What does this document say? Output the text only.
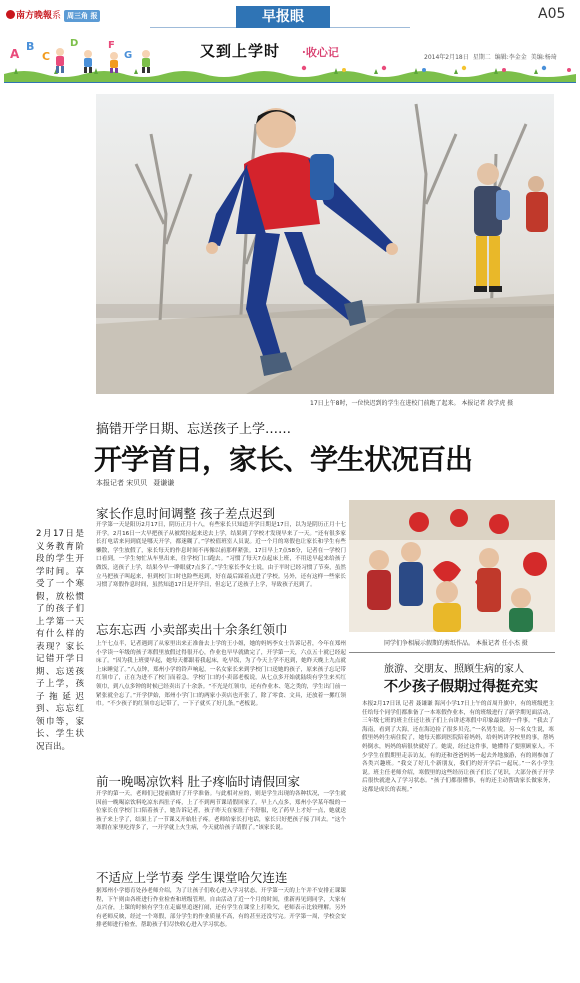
南方晚報系 周三角 报	早报眼	A05
A
B
C
D	F
G	又到上学时 ·收心记	2014年2月18日 星期二 编辑:李金金 美编:杨琦
17日上午8时，一位快迟到的学生在进校门前跑了起来。 本报记者 段学虎 摄
搞错开学日期、忘送孩子上学……
开学首日，家长、学生状况百出
本报记者 宋贝贝 聂谦谦
2月17日是义务教育阶段的学生开学时间。享受了一个寒假，放松惯了的孩子们上学第一天有什么样的表现？家长记错开学日期、忘送孩子上学，孩子拖延迟到、忘忘红领巾等，家长、学生状况百出。
家长作息时间调整 孩子差点迟到
开学第一天是阳历2月17日，阴历正月十八，有些家长只知道开学日期是17日，以为是阴历正月十七开学。2月16日一大早把孩子从被窝拉起来送去上学，结果到了学校才发现早来了一天。“还有很多家长打电话来问到底是哪天开学，都迷糊了。”学校值班室人员说。近一个月的寒假也让家长和学生有些懒散，学生放假了，家长每天的作息时间不再像以前那样紧张。17日早上7点58分，记者在一学校门口看到，一学生匆忙从车里出来，往学校门口跑去。“习惯了每天7点起床上班，不用送早起来给孩子做饭，送孩子上学，结果今早一睁眼就7点多了。”学生家长李女士说，由于平时已经习惯了节奏，虽然立马把孩子叫起来，但到校门口时也险些迟到，好在最后踩着点进了学校。另外，还有这样一些家长习惯了寒假作息时间，虽然知道17日是开学日，但忘记了送孩子上学，导致孩子迟到了。
忘东忘西 小卖部卖出十余条红领巾
上午七点半，记者遇到了从家里出来正准备去上学的王小姐，她的妈妈李女士告诉记者，今年在郑州小学读一年级的孩子寒假里放假过得很开心，作业也早早就做完了，开学第一天，六点五十就已经起床了。“因为我上班要早起，她每天都跟着我起床，吃早饭，为了今天上学不迟到，她昨天晚上九点就上床睡觉了。”八点钟，郑州小学的铃声响起，一名女家长来到学校门口送她的孩子，原来孩子忘记带红领巾了，正在为进不了校门而着急。学校门口的小卖部老板说，从七点多开始就陆续有学生来买红领巾，到八点多钟的时候已经卖出了十余条。“不光是红领巾，还有作业本、笔之类的，学生出门前一紧张就全忘了。”开学伊始，郑州小学门口的两家小卖店也开张了，除了零食、文具，还放着一摞红领巾。“不少孩子的红领巾忘记带了，一下子就买了好几条。”老板说。
前一晚喝凉饮料 肚子疼临时请假回家
开学的第一天，老师们已提前做好了开学准备。与此相对应的，则是学生出现的各种状况，一学生就因前一晚喝凉饮料吃凉东西肚子疼，上了不到两节课请假回家了。早上八点多，郑州小学某年级的一位家长在学校门口陪着孩子，她告诉记者，孩子昨天在家肚子不舒服，吃了药早上才好一点，她就送孩子来上学了，结果上了一节课又开始肚子疼。老师给家长打电话，家长只好把孩子接了回去。“这个寒假在家里吃得多了，一开学就上火生病，今天就给孩子请假了。”该家长说。
不适应上学节奏 学生课堂哈欠连连
据郑州小学德育处孙老师介绍，为了让孩子们收心进入学习状态，开学第一天的上午并不安排正课课程，下午则由各班进行作业检查和班级管理。自由活动了近一个月的时间，重新再见到同学，大家有点兴奋，上课的时候有学生在走廊里追逐打闹，还有学生在课堂上打哈欠，老师表示比较理解。另外有老师反映，经过一个寒假，部分学生的作业质量不高，有的甚至还没写完。开学第一周，学校会安排老师进行检查，帮助孩子们尽快收心进入学习状态。
同学们争相展示假期的剪纸作品。 本报记者 任小杰 摄
旅游、交朋友、照顾生病的家人
不少孩子假期过得挺充实
本报2月17日讯 记者 聂谦谦 海河小学17日上午的首周升旗中，有的班级把主任给每个同学们都准备了一本寒假作业本，有的班级进行了新学期见面活动，三年级七班的班主任还让孩子们上台讲述寒假中印象最深的一件事。“我去了海南，看到了大海，还在海边捡了很多贝壳。”一名男生说。另一名女生说，寒假里妈妈生病住院了，她每天都到医院陪着妈妈，给妈妈讲学校里的事，帮妈妈倒水，妈妈的病很快就好了。她说，经过这件事，她懂得了要照顾家人。不少学生在假期里走亲访友，有的还和爸爸妈妈一起去外地旅游，有的则参加了各类兴趣班。“我交了好几个新朋友，我们约好开学后一起玩。”一名小学生说。班主任老师介绍，寒假里的这些经历让孩子们长了见识，大部分孩子开学后很快就进入了学习状态。“孩子们都很懂事，有的还主动帮助家长做家务，这都是成长的表现。”
